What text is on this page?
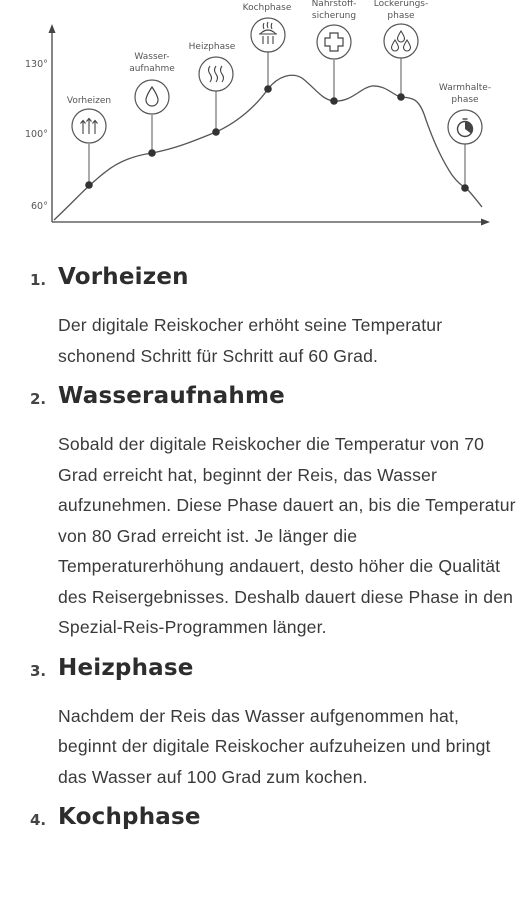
130°
100°
60°
Vorheizen
Wasser-
aufnahme
Heizphase
Kochphase Nährstoff-
sicherung
Lockerungs-
phase
Warmhalte-
phase
1. Vorheizen

Der digitale Reiskocher erhöht seine Temperatur schonend Schritt für Schritt auf 60 Grad.

2. Wasseraufnahme

Sobald der digitale Reiskocher die Temperatur von 70 Grad erreicht hat, beginnt der Reis, das Wasser aufzunehmen. Diese Phase dauert an, bis die Temperatur von 80 Grad erreicht ist. Je länger die Temperaturerhöhung andauert, desto höher die Qualität des Reisergebnisses. Deshalb dauert diese Phase in den Spezial-Reis-Programmen länger.

3. Heizphase

Nachdem der Reis das Wasser aufgenommen hat, beginnt der digitale Reiskocher aufzuheizen und bringt das Wasser auf 100 Grad zum kochen.

4. Kochphase
